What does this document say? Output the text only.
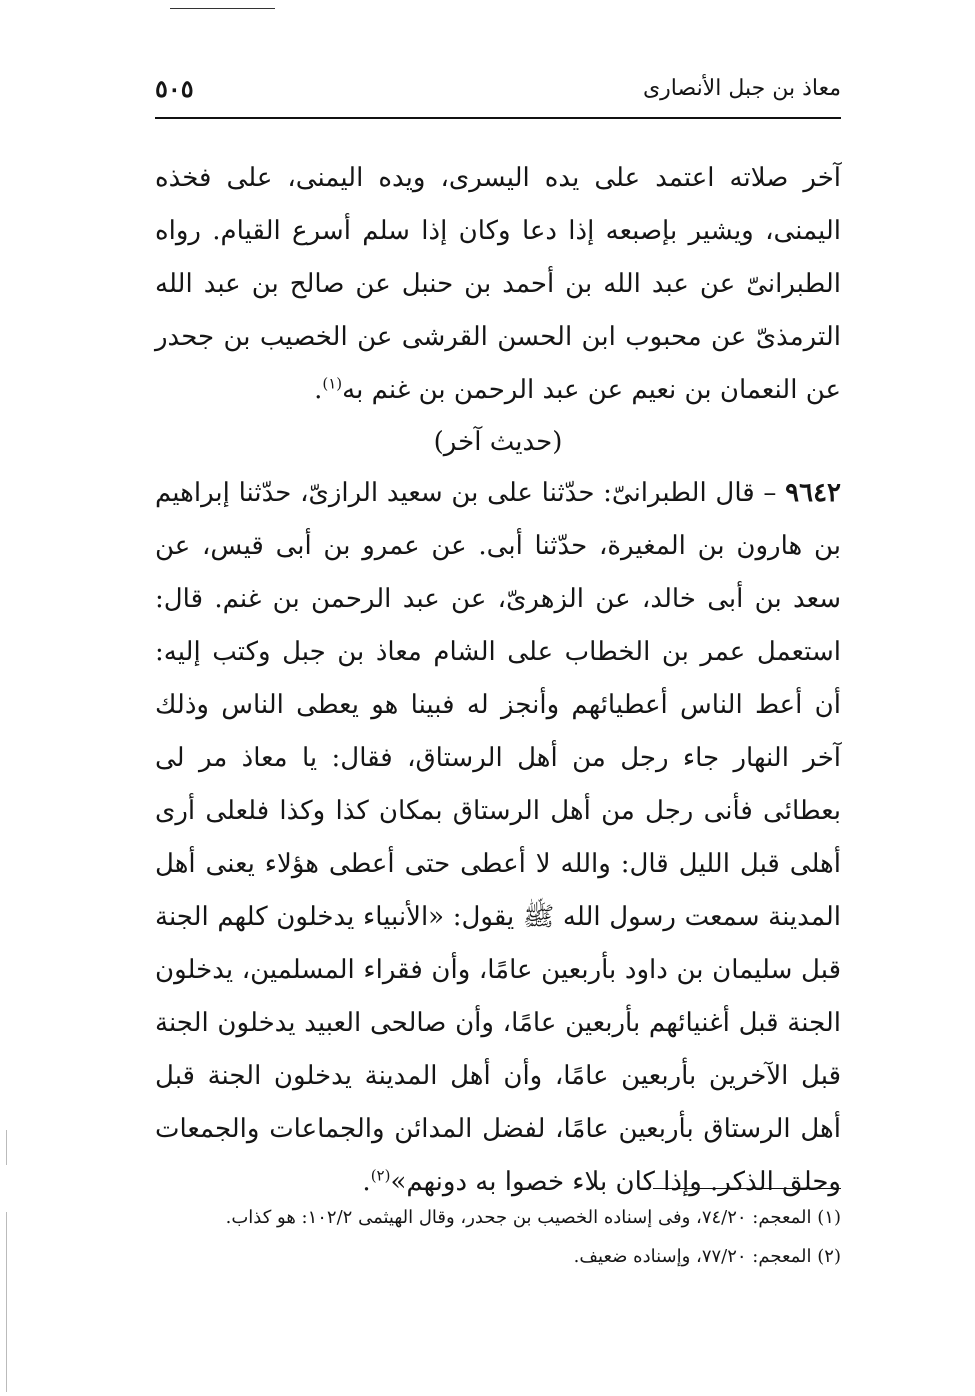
معاذ بن جبل الأنصارى
٥٠٥

آخر صلاته اعتمد على يده اليسرى، ويده اليمنى، على فخذه اليمنى، ويشير بإصبعه إذا دعا وكان إذا سلم أسرع القيام. رواه الطبرانىّ عن عبد الله بن أحمد بن حنبل عن صالح بن عبد الله الترمذىّ عن محبوب ابن الحسن القرشى عن الخصيب بن جحدر عن النعمان بن نعيم عن عبد الرحمن بن غنم به$^{(١)}$.

(حديث آخر)

٩٦٤٢ – قال الطبرانىّ: حدّثنا على بن سعيد الرازىّ، حدّثنا إبراهيم بن هارون بن المغيرة، حدّثنا أبى. عن عمرو بن أبى قيس، عن سعد بن أبى خالد، عن الزهرىّ، عن عبد الرحمن بن غنم. قال: استعمل عمر بن الخطاب على الشام معاذ بن جبل وكتب إليه: أن أعط الناس أعطيائهم وأنجز له فبينا هو يعطى الناس وذلك آخر النهار جاء رجل من أهل الرستاق، فقال: يا معاذ مر لى بعطائى فأنى رجل من أهل الرستاق بمكان كذا وكذا فلعلى أرى أهلى قبل الليل قال: والله لا أعطى حتى أعطى هؤلاء يعنى أهل المدينة سمعت رسول الله ﷺ يقول: «الأنبياء يدخلون كلهم الجنة قبل سليمان بن داود بأربعين عامًا، وأن فقراء المسلمين، يدخلون الجنة قبل أغنيائهم بأربعين عامًا، وأن صالحى العبيد يدخلون الجنة قبل الآخرين بأربعين عامًا، وأن أهل المدينة يدخلون الجنة قبل أهل الرستاق بأربعين عامًا، لفضل المدائن والجماعات والجمعات وحلق الذكر. وإذا كان بلاء خصوا به دونهم»$^{(٢)}$.

(١) المعجم: ٧٤/٢٠، وفى إسناده الخصيب بن جحدر، وقال الهيثمى ١٠٢/٢: هو كذاب.

(٢) المعجم: ٧٧/٢٠، وإسناده ضعيف.
